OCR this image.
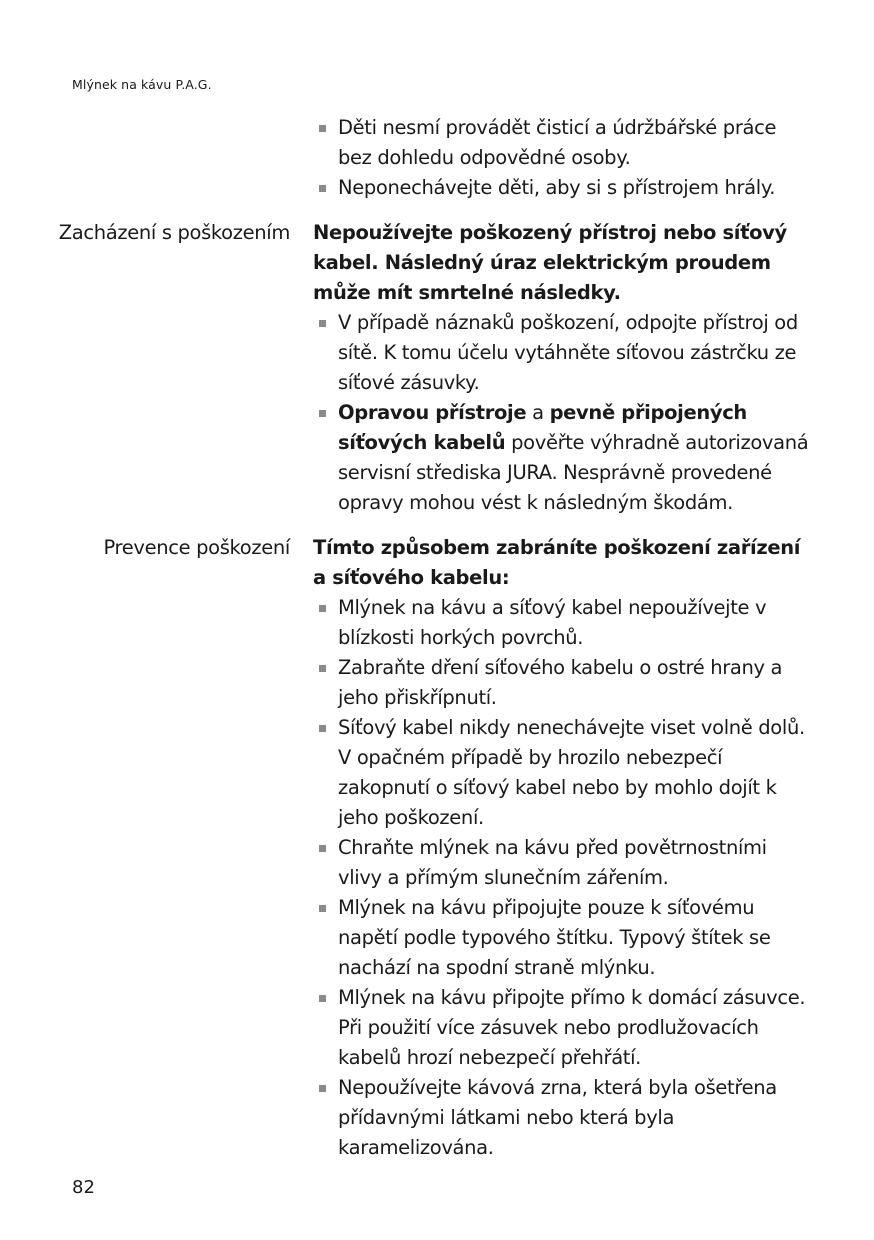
Mlýnek na kávu P.A.G.
Děti nesmí provádět čisticí a údržbářské práce bez dohledu odpovědné osoby.
Neponechávejte děti, aby si s přístrojem hrály.
Zacházení s poškozením Nepoužívejte poškozený přístroj nebo síťový kabel. Následný úraz elektrickým proudem může mít smrtelné následky.

V případě náznaků poškození, odpojte přístroj od sítě. K tomu účelu vytáhněte síťovou zástrčku ze síťové zásuvky.
Opravou přístroje a pevně připojených síťových kabelů pověřte výhradně autorizovaná servisní střediska JURA. Nesprávně provedené opravy mohou vést k následným škodám.
Prevence poškození Tímto způsobem zabráníte poškození zařízení a síťového kabelu:

Mlýnek na kávu a síťový kabel nepoužívejte v blízkosti horkých povrchů.
Zabraňte dření síťového kabelu o ostré hrany a jeho přiskřípnutí.
Síťový kabel nikdy nenechávejte viset volně dolů. V opačném případě by hrozilo nebezpečí zakopnutí o síťový kabel nebo by mohlo dojít k jeho poškození.
Chraňte mlýnek na kávu před povětrnostními vlivy a přímým slunečním zářením.
Mlýnek na kávu připojujte pouze k síťovému napětí podle typového štítku. Typový štítek se nachází na spodní straně mlýnku.
Mlýnek na kávu připojte přímo k domácí zásuvce. Při použití více zásuvek nebo prodlužovacích kabelů hrozí nebezpečí přehřátí.
Nepoužívejte kávová zrna, která byla ošetřena přídavnými látkami nebo která byla karamelizována.
82
